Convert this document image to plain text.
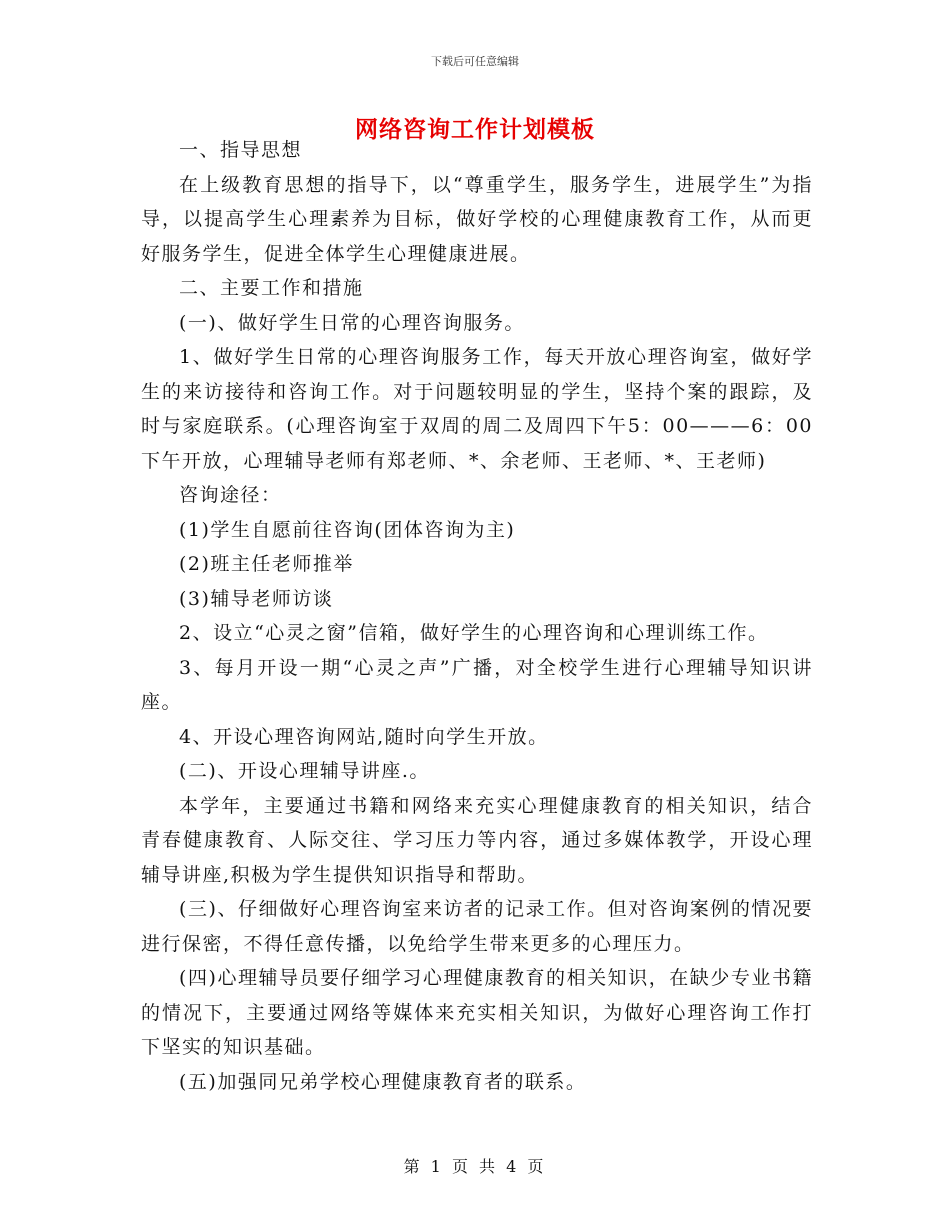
下载后可任意编辑
网络咨询工作计划模板

一、指导思想

在上级教育思想的指导下，以“尊重学生，服务学生，进展学生”为指导，以提高学生心理素养为目标，做好学校的心理健康教育工作，从而更好服务学生，促进全体学生心理健康进展。

二、主要工作和措施

(一)、做好学生日常的心理咨询服务。

1、做好学生日常的心理咨询服务工作，每天开放心理咨询室，做好学生的来访接待和咨询工作。对于问题较明显的学生，坚持个案的跟踪，及时与家庭联系。(心理咨询室于双周的周二及周四下午5：00———6：00下午开放，心理辅导老师有郑老师、*、余老师、王老师、*、王老师)

咨询途径：

(1)学生自愿前往咨询(团体咨询为主)

(2)班主任老师推举

(3)辅导老师访谈

2、设立“心灵之窗”信箱，做好学生的心理咨询和心理训练工作。

3、每月开设一期“心灵之声”广播，对全校学生进行心理辅导知识讲座。

4、开设心理咨询网站,随时向学生开放。

(二)、开设心理辅导讲座.。

本学年，主要通过书籍和网络来充实心理健康教育的相关知识，结合青春健康教育、人际交往、学习压力等内容，通过多媒体教学，开设心理辅导讲座,积极为学生提供知识指导和帮助。

(三)、仔细做好心理咨询室来访者的记录工作。但对咨询案例的情况要进行保密，不得任意传播，以免给学生带来更多的心理压力。

(四)心理辅导员要仔细学习心理健康教育的相关知识，在缺少专业书籍的情况下，主要通过网络等媒体来充实相关知识，为做好心理咨询工作打下坚实的知识基础。

(五)加强同兄弟学校心理健康教育者的联系。

第 1 页 共 4 页
